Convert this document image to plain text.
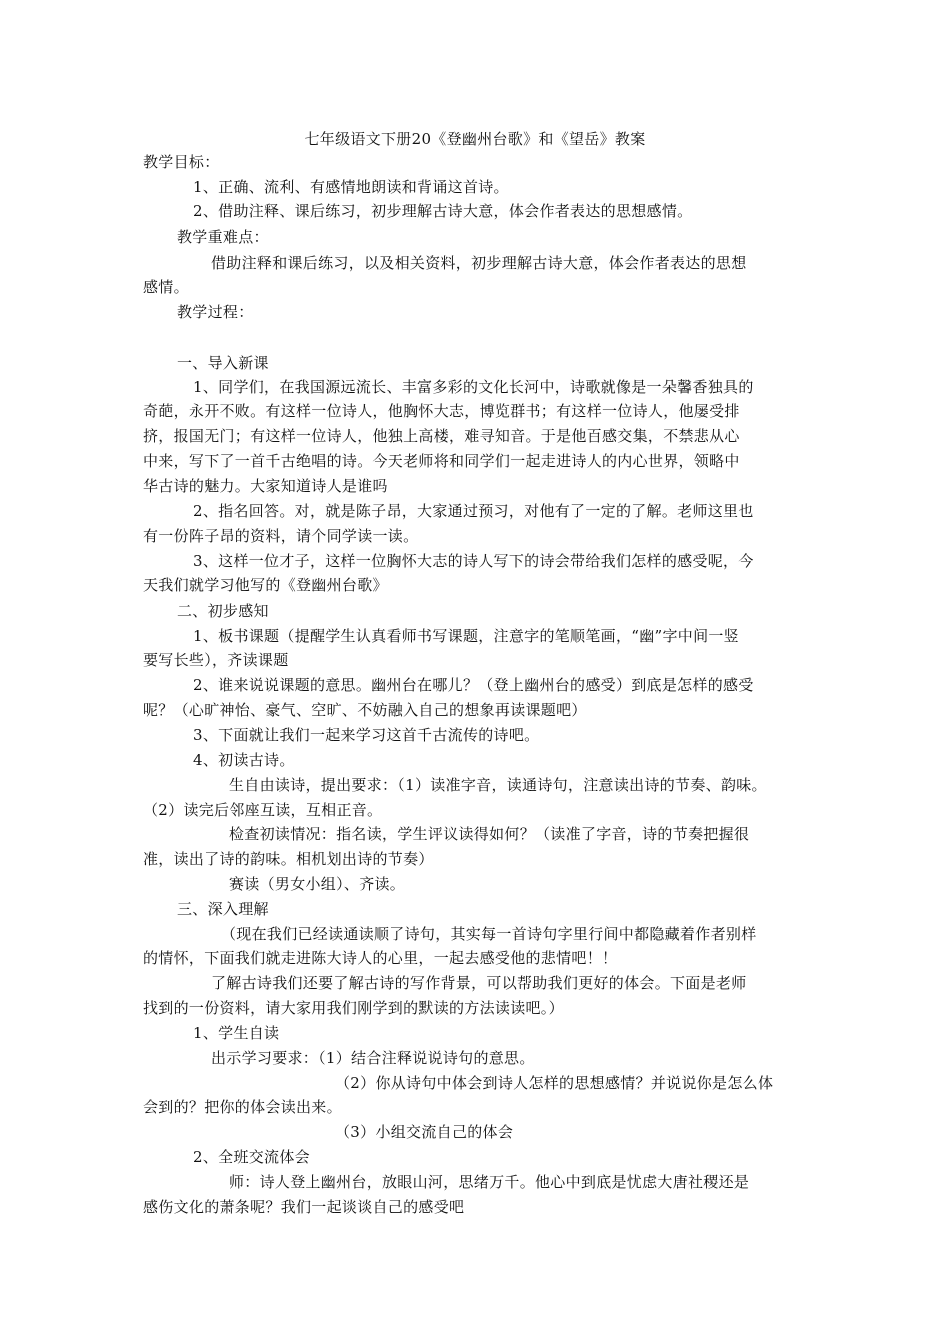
七年级语文下册20《登幽州台歌》和《望岳》教案
教学目标：
1、正确、流利、有感情地朗读和背诵这首诗。
2、借助注释、课后练习，初步理解古诗大意，体会作者表达的思想感情。
教学重难点：
借助注释和课后练习，以及相关资料，初步理解古诗大意，体会作者表达的思想
感情。
教学过程：
一、导入新课
1、同学们，在我国源远流长、丰富多彩的文化长河中，诗歌就像是一朵馨香独具的
奇葩，永开不败。有这样一位诗人，他胸怀大志，博览群书；有这样一位诗人，他屡受排
挤，报国无门；有这样一位诗人，他独上高楼，难寻知音。于是他百感交集，不禁悲从心
中来，写下了一首千古绝唱的诗。今天老师将和同学们一起走进诗人的内心世界，领略中
华古诗的魅力。大家知道诗人是谁吗
2、指名回答。对，就是陈子昂，大家通过预习，对他有了一定的了解。老师这里也
有一份阵子昂的资料，请个同学读一读。
3、这样一位才子，这样一位胸怀大志的诗人写下的诗会带给我们怎样的感受呢，今
天我们就学习他写的《登幽州台歌》
二、初步感知
1、板书课题（提醒学生认真看师书写课题，注意字的笔顺笔画，“幽”字中间一竖
要写长些），齐读课题
2、谁来说说课题的意思。幽州台在哪儿？（登上幽州台的感受）到底是怎样的感受
呢？（心旷神怡、豪气、空旷、不妨融入自己的想象再读课题吧）
3、下面就让我们一起来学习这首千古流传的诗吧。
4、初读古诗。
生自由读诗，提出要求：（1）读准字音，读通诗句，注意读出诗的节奏、韵味。
（2）读完后邻座互读，互相正音。
检查初读情况：指名读，学生评议读得如何？（读准了字音，诗的节奏把握很
准，读出了诗的韵味。相机划出诗的节奏）
赛读（男女小组）、齐读。
三、深入理解
（现在我们已经读通读顺了诗句，其实每一首诗句字里行间中都隐藏着作者别样
的情怀，下面我们就走进陈大诗人的心里，一起去感受他的悲情吧！！
了解古诗我们还要了解古诗的写作背景，可以帮助我们更好的体会。下面是老师
找到的一份资料，请大家用我们刚学到的默读的方法读读吧。）
1、学生自读
出示学习要求：（1）结合注释说说诗句的意思。
（2）你从诗句中体会到诗人怎样的思想感情？并说说你是怎么体
会到的？把你的体会读出来。
（3）小组交流自己的体会
2、全班交流体会
师：诗人登上幽州台，放眼山河，思绪万千。他心中到底是忧虑大唐社稷还是
感伤文化的萧条呢？我们一起谈谈自己的感受吧
